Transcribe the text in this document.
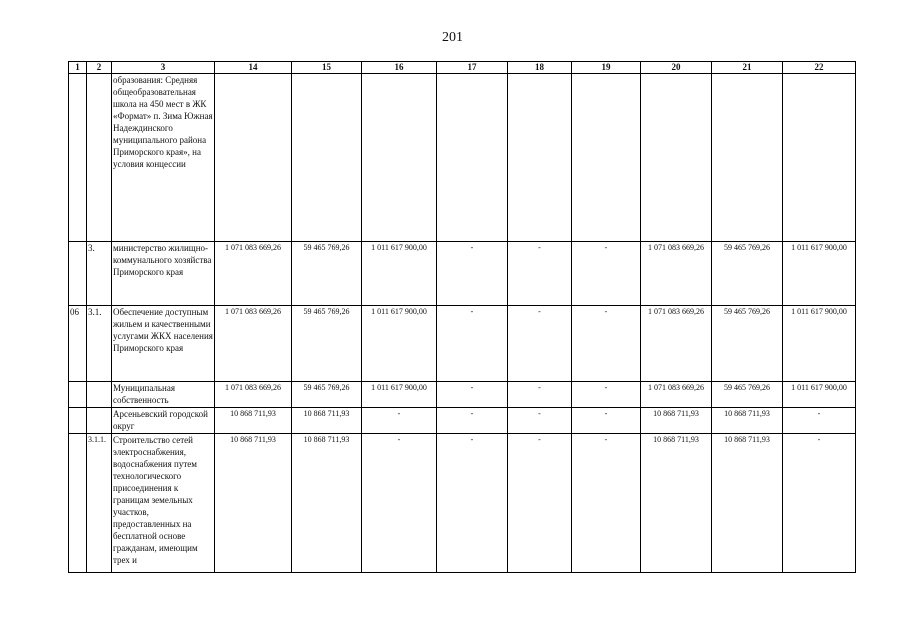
201
1	2	3	14	15	16	17	18	19	20	21	22
		образования: Средняя общеобразовательная школа на 450 мест в ЖК «Формат» п. Зима Южная Надеждинского муниципального района Приморского края», на условия концессии									
	3.	министерство жилищно-коммунального хозяйства Приморского края	1 071 083 669,26	59 465 769,26	1 011 617 900,00	-	-	-	1 071 083 669,26	59 465 769,26	1 011 617 900,00
06	3.1.	Обеспечение доступным жильем и качественными услугами ЖКХ населения Приморского края	1 071 083 669,26	59 465 769,26	1 011 617 900,00	-	-	-	1 071 083 669,26	59 465 769,26	1 011 617 900,00
		Муниципальная собственность	1 071 083 669,26	59 465 769,26	1 011 617 900,00	-	-	-	1 071 083 669,26	59 465 769,26	1 011 617 900,00
		Арсеньевский городской округ	10 868 711,93	10 868 711,93	-	-	-	-	10 868 711,93	10 868 711,93	-
	3.1.1.	Строительство сетей электроснабжения, водоснабжения путем технологического присоединения к границам земельных участков, предоставленных на бесплатной основе гражданам, имеющим трех и	10 868 711,93	10 868 711,93	-	-	-	-	10 868 711,93	10 868 711,93	-
